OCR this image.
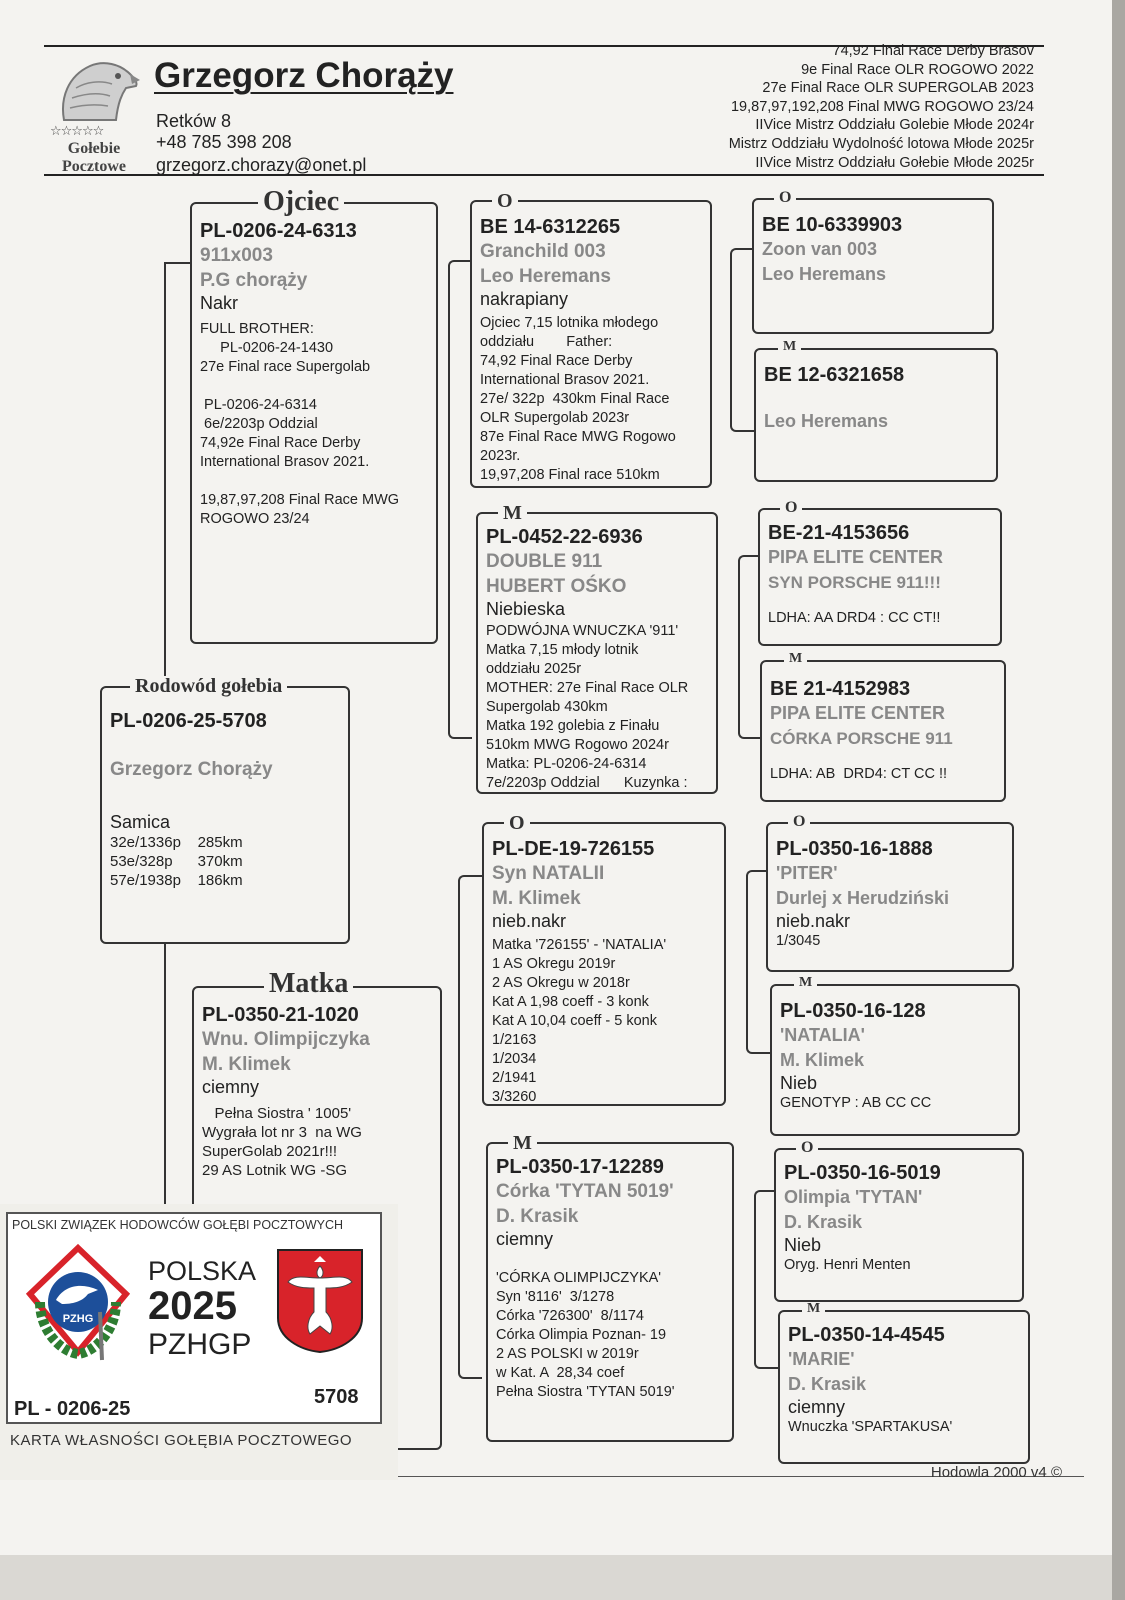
☆☆☆☆☆
Gołebie
Pocztowe
Grzegorz Chorąży
Retków 8
+48 785 398 208
grzegorz.chorazy@onet.pl
74,92 Final Race Derby Brasov
9e Final Race OLR ROGOWO 2022
27e Final Race OLR SUPERGOLAB 2023
19,87,97,192,208 Final MWG ROGOWO 23/24
IIVice Mistrz Oddziału Golebie Młode 2024r
Mistrz Oddziału Wydolność lotowa Młode 2025r
IIVice Mistrz Oddziału Gołebie Młode 2025r
Ojciec
PL-0206-24-6313
911x003
P.G chorąży
Nakr
FULL BROTHER:
PL-0206-24-1430
27e Final race Supergolab

PL-0206-24-6314
6e/2203p Oddzial
74,92e Final Race Derby
International Brasov 2021.

19,87,97,208 Final Race MWG
ROGOWO 23/24
Rodowód gołebia
PL-0206-25-5708
Grzegorz Chorąży
Samica
32e/1336p    285km
53e/328p      370km
57e/1938p    186km
Matka
PL-0350-21-1020
Wnu. Olimpijczyka
M. Klimek
ciemny
Pełna Siostra ' 1005'
Wygrała lot nr 3  na WG
SuperGolab 2021r!!!
29 AS Lotnik WG -SG
O
BE 14-6312265
Granchild 003
Leo Heremans
nakrapiany
Ojciec 7,15 lotnika młodego
oddziału        Father:
74,92 Final Race Derby
International Brasov 2021.
27e/ 322p  430km Final Race
OLR Supergolab 2023r
87e Final Race MWG Rogowo
2023r.
19,97,208 Final race 510km
M
PL-0452-22-6936
DOUBLE 911
HUBERT OŚKO
Niebieska
PODWÓJNA WNUCZKA '911'
Matka 7,15 młody lotnik
oddziału 2025r
MOTHER: 27e Final Race OLR
Supergolab 430km
Matka 192 golebia z Finału
510km MWG Rogowo 2024r
Matka: PL-0206-24-6314
7e/2203p Oddzial      Kuzynka :
O
PL-DE-19-726155
Syn NATALII
M. Klimek
nieb.nakr
Matka '726155' - 'NATALIA'
1 AS Okregu 2019r
2 AS Okregu w 2018r
Kat A 1,98 coeff - 3 konk
Kat A 10,04 coeff - 5 konk
1/2163
1/2034
2/1941
3/3260
M
PL-0350-17-12289
Córka 'TYTAN 5019'
D. Krasik
ciemny

'CÓRKA OLIMPIJCZYKA'
Syn '8116'  3/1278
Córka '726300'  8/1174
Córka Olimpia Poznan- 19
2 AS POLSKI w 2019r
w Kat. A  28,34 coef
Pełna Siostra 'TYTAN 5019'
O
BE 10-6339903
Zoon van 003
Leo Heremans
M
BE 12-6321658
Leo Heremans
O
BE-21-4153656
PIPA ELITE CENTER
SYN PORSCHE 911!!!
LDHA: AA DRD4 : CC CT!!
M
BE 21-4152983
PIPA ELITE CENTER
CÓRKA PORSCHE 911
LDHA: AB  DRD4: CT CC !!
O
PL-0350-16-1888
'PITER'
Durlej x Herudziński
nieb.nakr
1/3045
M
PL-0350-16-128
'NATALIA'
M. Klimek
Nieb
GENOTYP : AB CC CC
O
PL-0350-16-5019
Olimpia 'TYTAN'
D. Krasik
Nieb
Oryg. Henri Menten
M
PL-0350-14-4545
'MARIE'
D. Krasik
ciemny
Wnuczka 'SPARTAKUSA'
Hodowla 2000 v4 ©
POLSKI ZWIĄZEK HODOWCÓW GOŁĘBI POCZTOWYCH
PZHG
POLSKA
2025
PZHGP
PL - 0206-25
5708
KARTA WŁASNOŚCI GOŁĘBIA POCZTOWEGO
